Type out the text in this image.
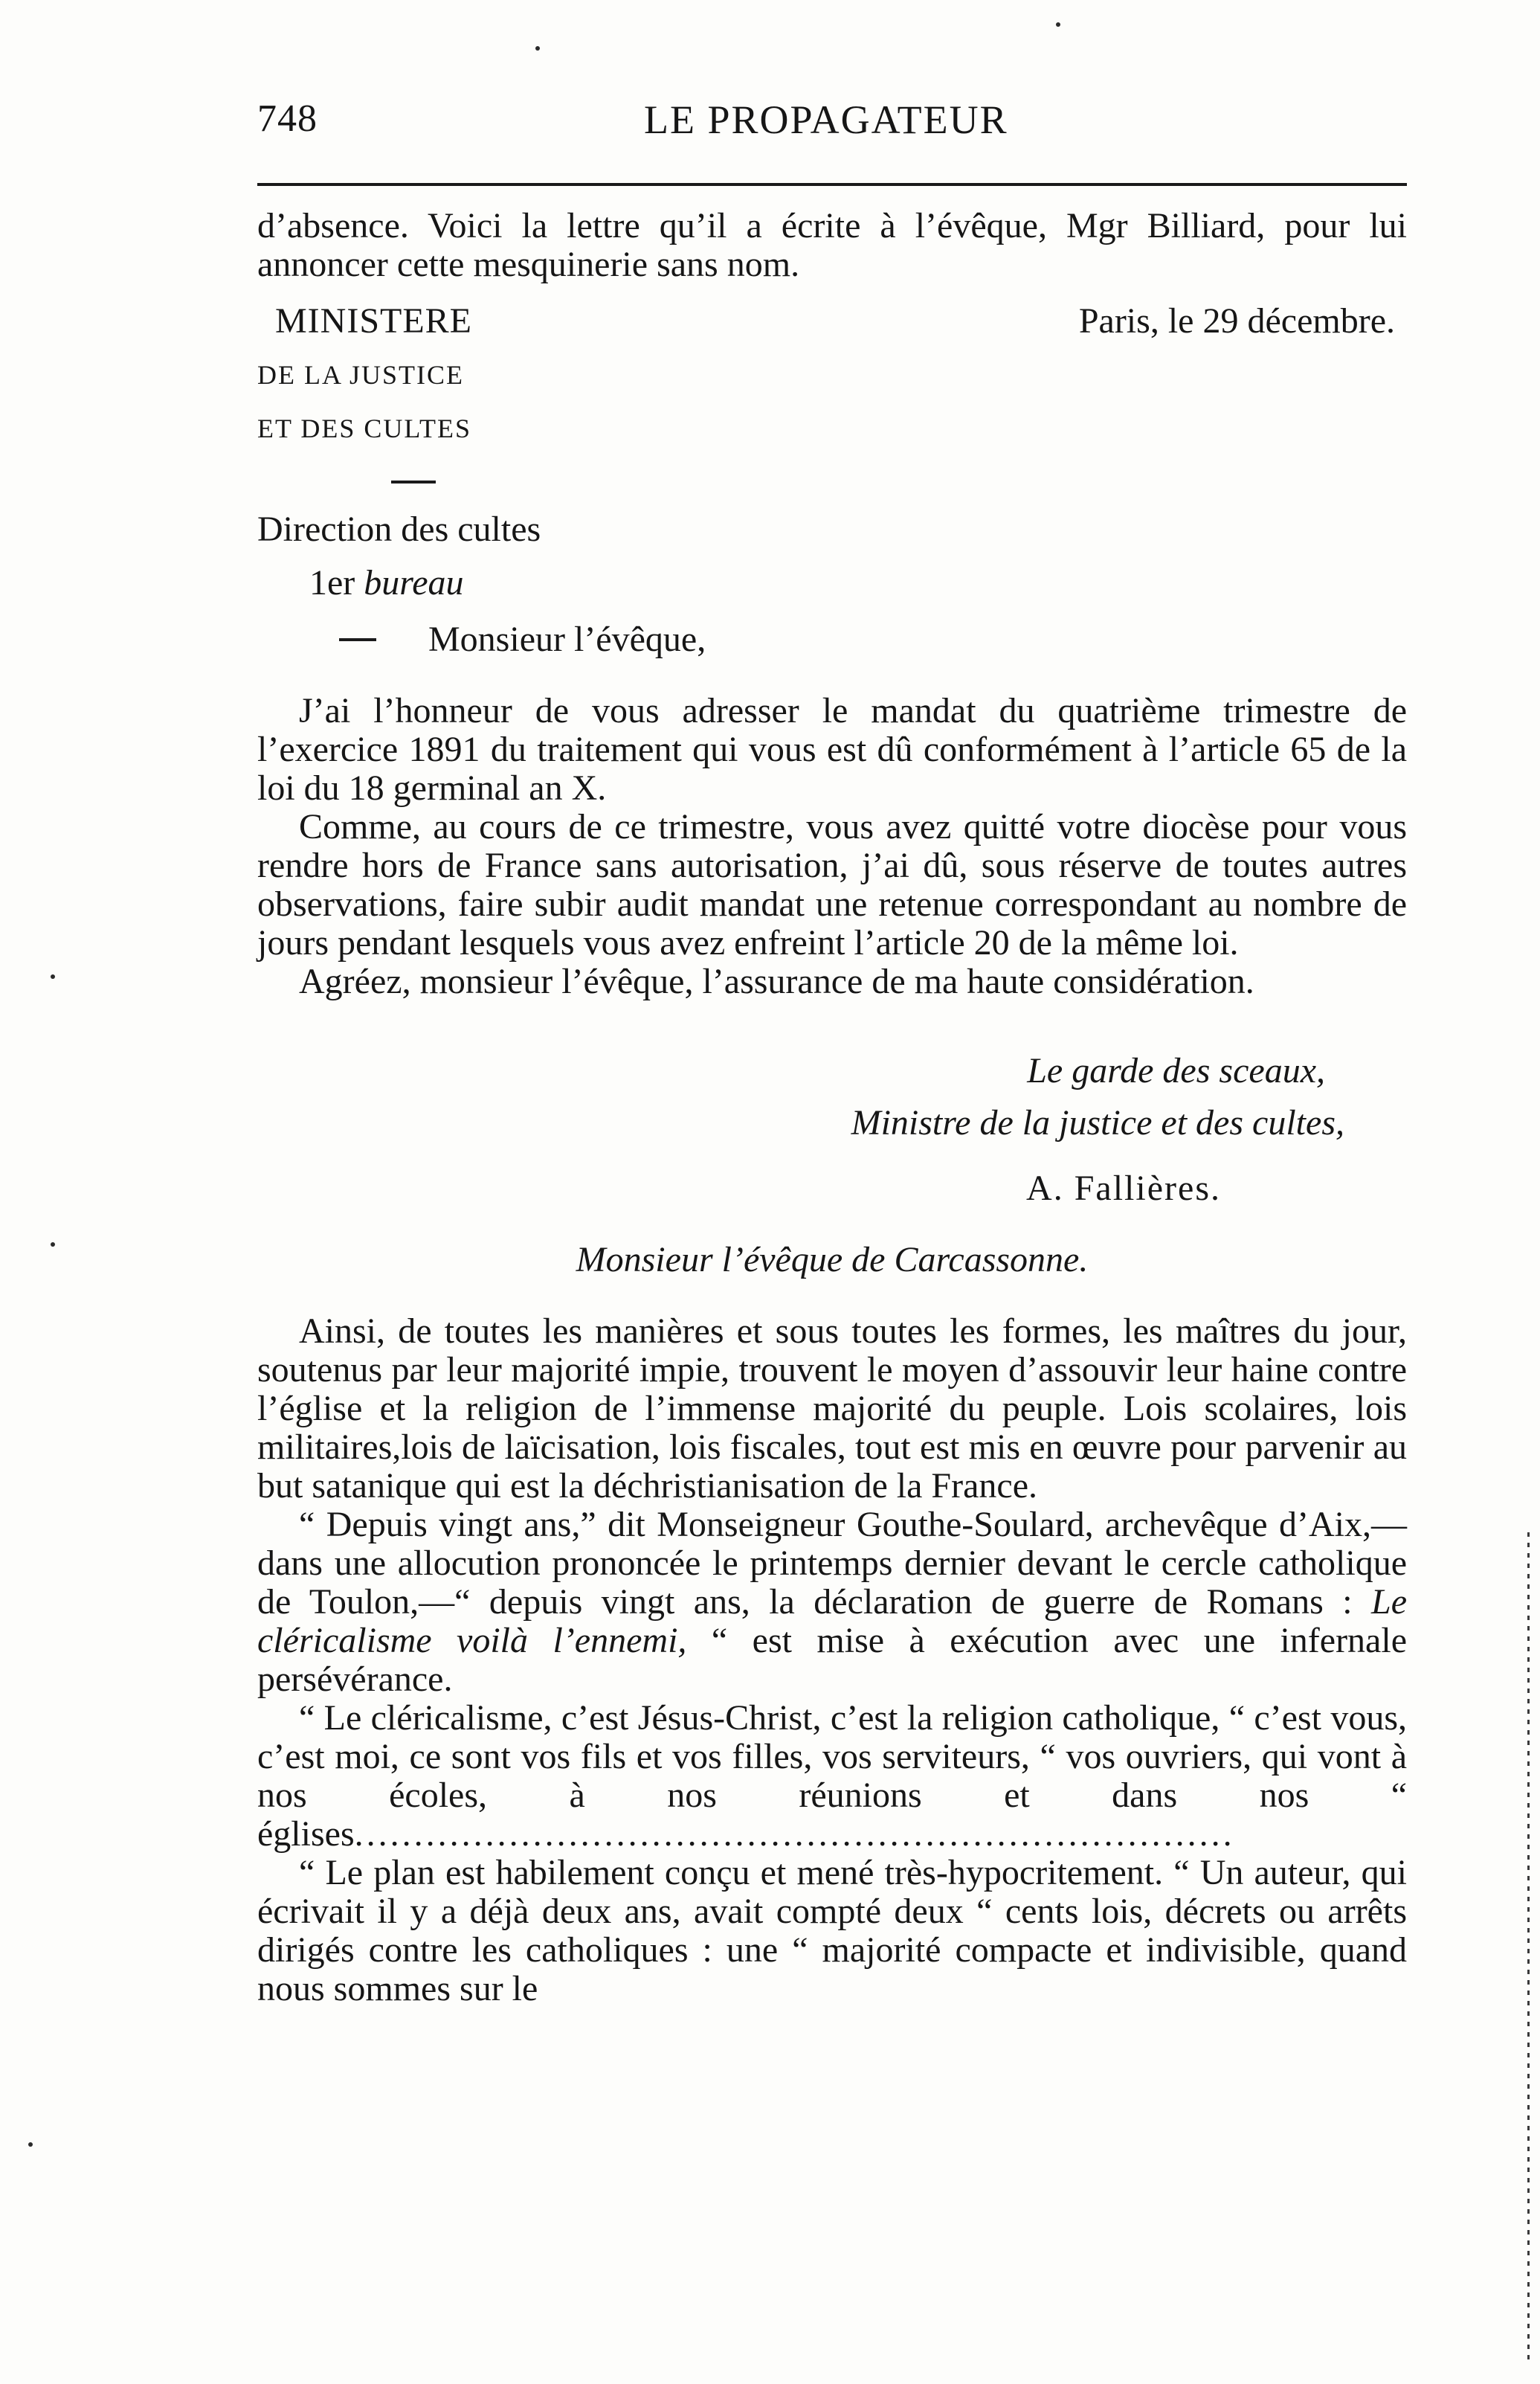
748	LE PROPAGATEUR

d’absence. Voici la lettre qu’il a écrite à l’évêque, Mgr Billiard, pour lui annoncer cette mesquinerie sans nom.

MINISTERE	Paris, le 29 décembre.
DE LA JUSTICE
ET DES CULTES
Direction des cultes
1er bureau
Monsieur l’évêque,

J’ai l’honneur de vous adresser le mandat du quatrième trimestre de l’exercice 1891 du traitement qui vous est dû conformément à l’article 65 de la loi du 18 germinal an X.

Comme, au cours de ce trimestre, vous avez quitté votre diocèse pour vous rendre hors de France sans autorisation, j’ai dû, sous réserve de toutes autres observations, faire subir audit mandat une retenue correspondant au nombre de jours pendant lesquels vous avez enfreint l’article 20 de la même loi.

Agréez, monsieur l’évêque, l’assurance de ma haute considération.

Le garde des sceaux,
Ministre de la justice et des cultes,
A. Fallières.
Monsieur l’évêque de Carcassonne.

Ainsi, de toutes les manières et sous toutes les formes, les maîtres du jour, soutenus par leur majorité impie, trouvent le moyen d’assouvir leur haine contre l’église et la religion de l’immense majorité du peuple. Lois scolaires, lois militaires,lois de laïcisation, lois fiscales, tout est mis en œuvre pour parvenir au but satanique qui est la déchristianisation de la France.

“ Depuis vingt ans,” dit Monseigneur Gouthe-Soulard, archevêque d’Aix,—dans une allocution prononcée le printemps dernier devant le cercle catholique de Toulon,—“ depuis vingt ans, la déclaration de guerre de Romans : Le cléricalisme voilà l’ennemi, “ est mise à exécution avec une infernale persévérance.

“ Le cléricalisme, c’est Jésus-Christ, c’est la religion catholique, “ c’est vous, c’est moi, ce sont vos fils et vos filles, vos serviteurs, “ vos ouvriers, qui vont à nos écoles, à nos réunions et dans nos “ églises..........................................................................

“ Le plan est habilement conçu et mené très-hypocritement. “ Un auteur, qui écrivait il y a déjà deux ans, avait compté deux “ cents lois, décrets ou arrêts dirigés contre les catholiques : une “ majorité compacte et indivisible, quand nous sommes sur le
